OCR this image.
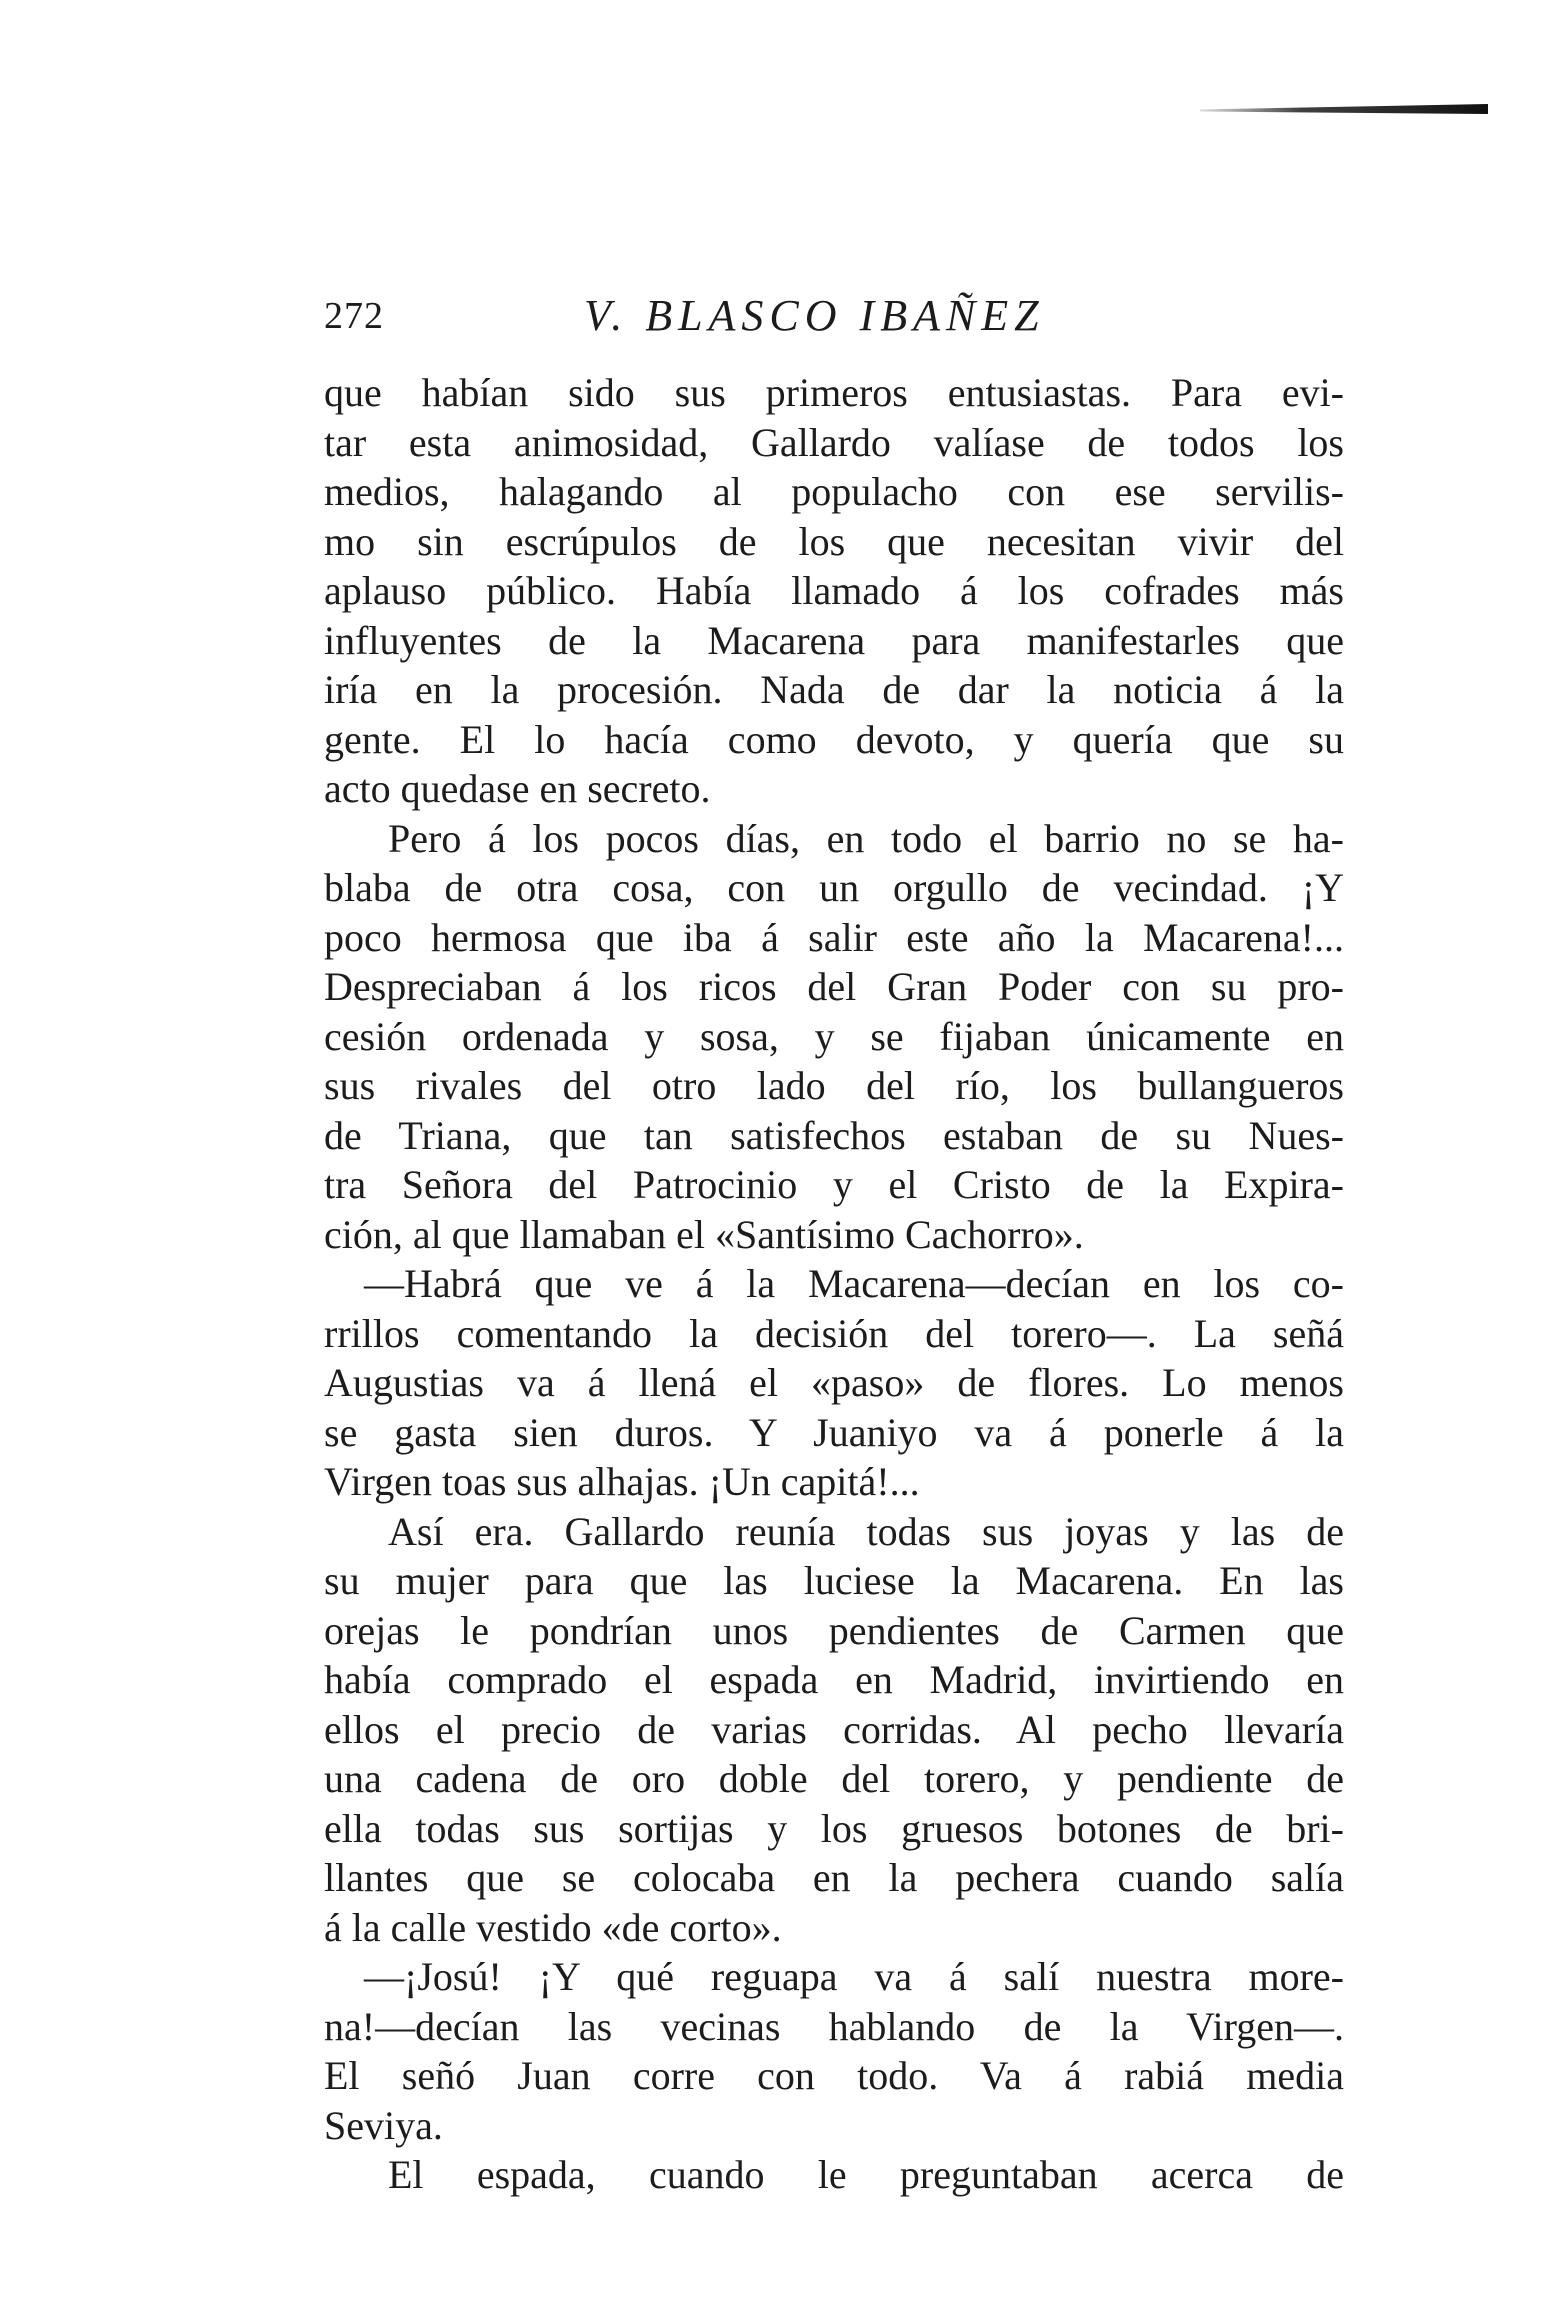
272	V. BLASCO IBAÑEZ
que habían sido sus primeros entusiastas. Para evi-
tar esta animosidad, Gallardo valíase de todos los
medios, halagando al populacho con ese servilis-
mo sin escrúpulos de los que necesitan vivir del
aplauso público. Había llamado á los cofrades más
influyentes de la Macarena para manifestarles que
iría en la procesión. Nada de dar la noticia á la
gente. El lo hacía como devoto, y quería que su
acto quedase en secreto.
Pero á los pocos días, en todo el barrio no se ha-
blaba de otra cosa, con un orgullo de vecindad. ¡Y
poco hermosa que iba á salir este año la Macarena!...
Despreciaban á los ricos del Gran Poder con su pro-
cesión ordenada y sosa, y se fijaban únicamente en
sus rivales del otro lado del río, los bullangueros
de Triana, que tan satisfechos estaban de su Nues-
tra Señora del Patrocinio y el Cristo de la Expira-
ción, al que llamaban el «Santísimo Cachorro».
—Habrá que ve á la Macarena—decían en los co-
rrillos comentando la decisión del torero—. La señá
Augustias va á llená el «paso» de flores. Lo menos
se gasta sien duros. Y Juaniyo va á ponerle á la
Virgen toas sus alhajas. ¡Un capitá!...
Así era. Gallardo reunía todas sus joyas y las de
su mujer para que las luciese la Macarena. En las
orejas le pondrían unos pendientes de Carmen que
había comprado el espada en Madrid, invirtiendo en
ellos el precio de varias corridas. Al pecho llevaría
una cadena de oro doble del torero, y pendiente de
ella todas sus sortijas y los gruesos botones de bri-
llantes que se colocaba en la pechera cuando salía
á la calle vestido «de corto».
—¡Josú! ¡Y qué reguapa va á salí nuestra more-
na!—decían las vecinas hablando de la Virgen—.
El señó Juan corre con todo. Va á rabiá media
Seviya.
El espada, cuando le preguntaban acerca de
